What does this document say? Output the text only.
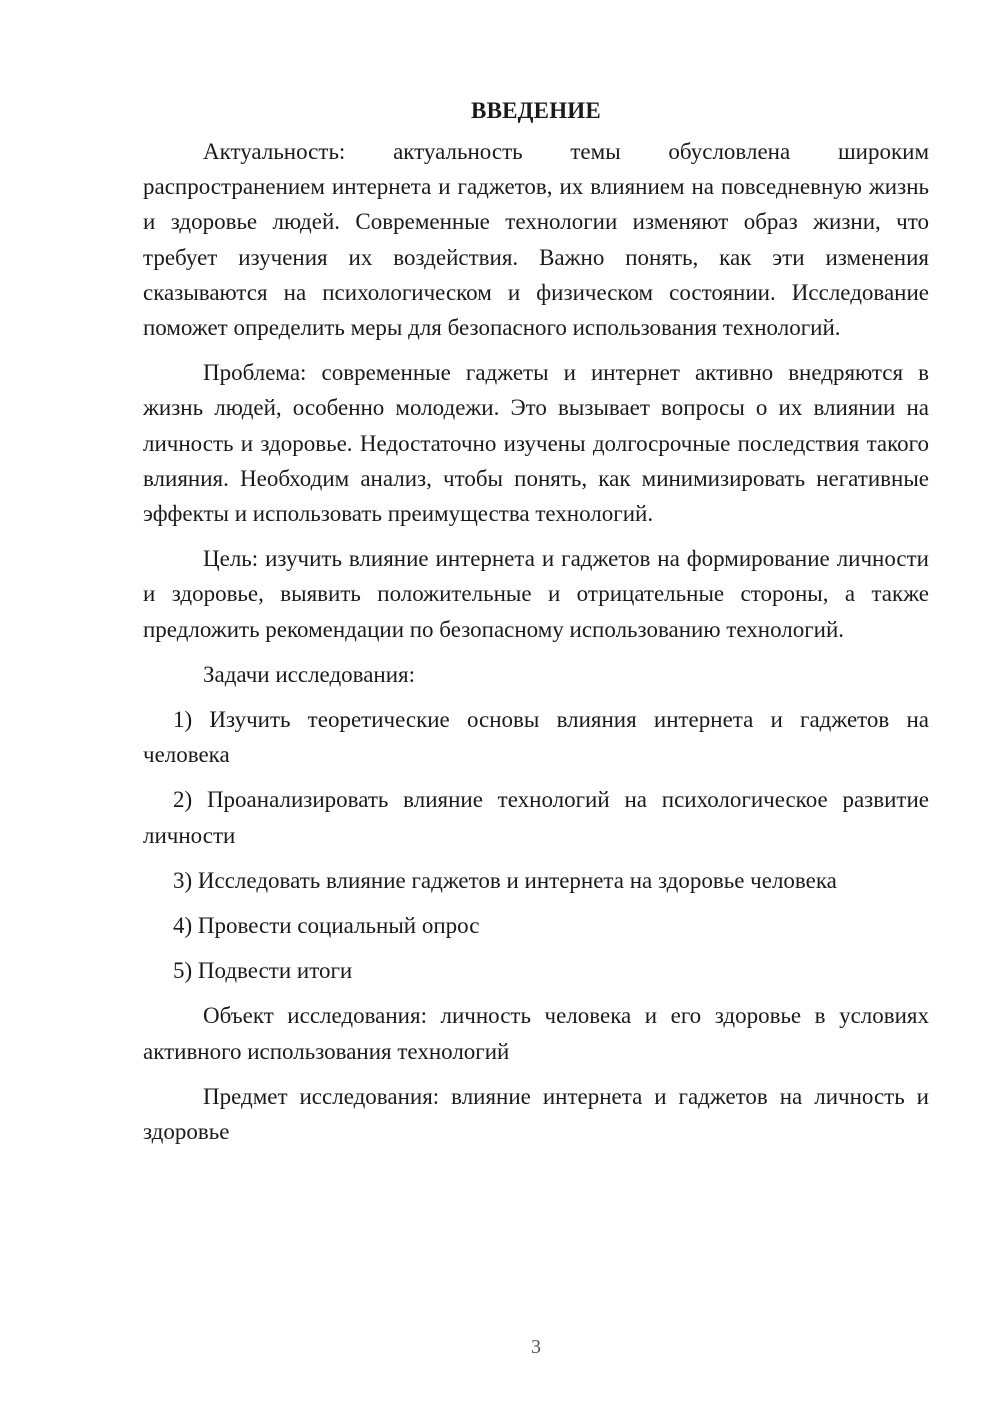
ВВЕДЕНИЕ

Актуальность: актуальность темы обусловлена широким распространением интернета и гаджетов, их влиянием на повседневную жизнь и здоровье людей. Современные технологии изменяют образ жизни, что требует изучения их воздействия. Важно понять, как эти изменения сказываются на психологическом и физическом состоянии. Исследование поможет определить меры для безопасного использования технологий.

Проблема: современные гаджеты и интернет активно внедряются в жизнь людей, особенно молодежи. Это вызывает вопросы о их влиянии на личность и здоровье. Недостаточно изучены долгосрочные последствия такого влияния. Необходим анализ, чтобы понять, как минимизировать негативные эффекты и использовать преимущества технологий.

Цель: изучить влияние интернета и гаджетов на формирование личности и здоровье, выявить положительные и отрицательные стороны, а также предложить рекомендации по безопасному использованию технологий.

Задачи исследования:

1) Изучить теоретические основы влияния интернета и гаджетов на человека

2) Проанализировать влияние технологий на психологическое развитие личности

3) Исследовать влияние гаджетов и интернета на здоровье человека

4) Провести социальный опрос

5) Подвести итоги

Объект исследования: личность человека и его здоровье в условиях активного использования технологий

Предмет исследования: влияние интернета и гаджетов на личность и здоровье

3
